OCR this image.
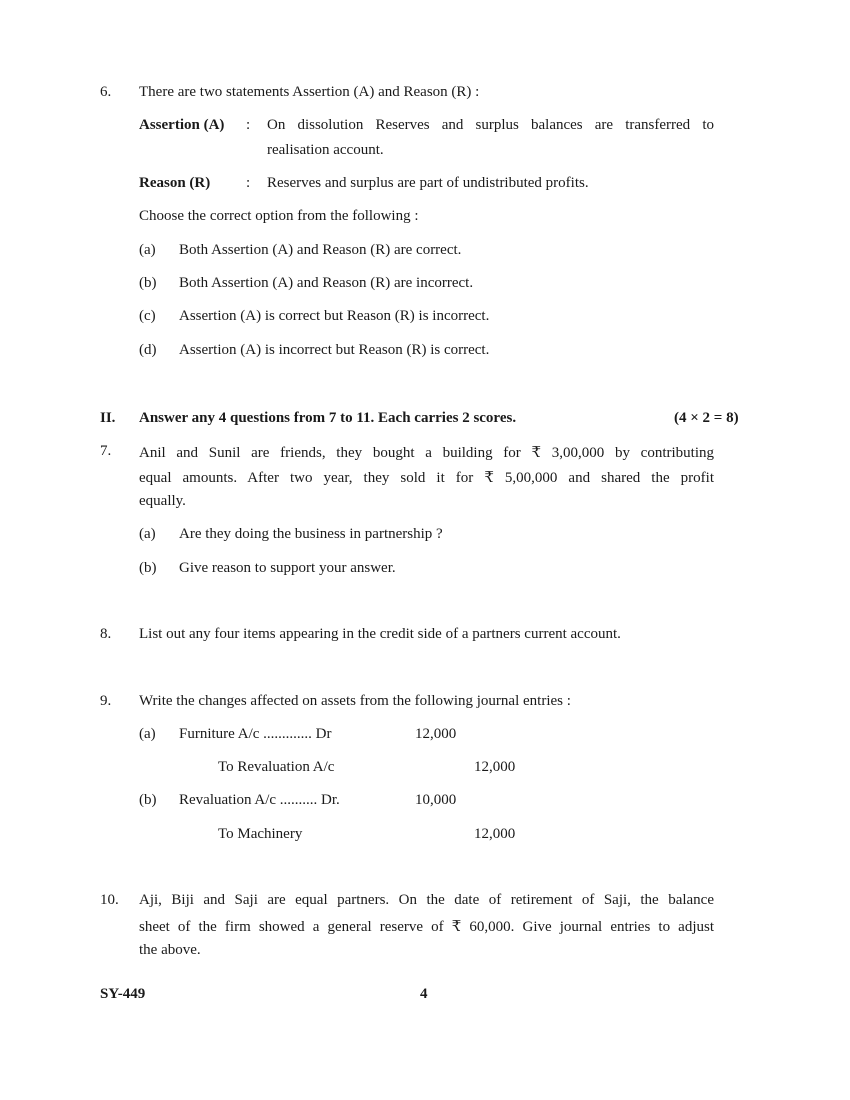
6. There are two statements Assertion (A) and Reason (R) :
Assertion (A) : On dissolution Reserves and surplus balances are transferred to
realisation account.
Reason (R) : Reserves and surplus are part of undistributed profits.
Choose the correct option from the following :
(a) Both Assertion (A) and Reason (R) are correct.
(b) Both Assertion (A) and Reason (R) are incorrect.
(c) Assertion (A) is correct but Reason (R) is incorrect.
(d) Assertion (A) is incorrect but Reason (R) is correct.
II. Answer any 4 questions from 7 to 11. Each carries 2 scores.	(4 × 2 = 8)
7. Anil and Sunil are friends, they bought a building for ₹ 3,00,000 by contributing
equal amounts. After two year, they sold it for ₹ 5,00,000 and shared the profit
equally.
(a) Are they doing the business in partnership ?
(b) Give reason to support your answer.
8. List out any four items appearing in the credit side of a partners current account.
9. Write the changes affected on assets from the following journal entries :
(a) Furniture A/c ............. Dr	12,000
To Revaluation A/c	12,000
(b) Revaluation A/c .......... Dr.	10,000
To Machinery	12,000
10. Aji, Biji and Saji are equal partners. On the date of retirement of Saji, the balance
sheet of the firm showed a general reserve of ₹ 60,000. Give journal entries to adjust
the above.
SY-449	4
